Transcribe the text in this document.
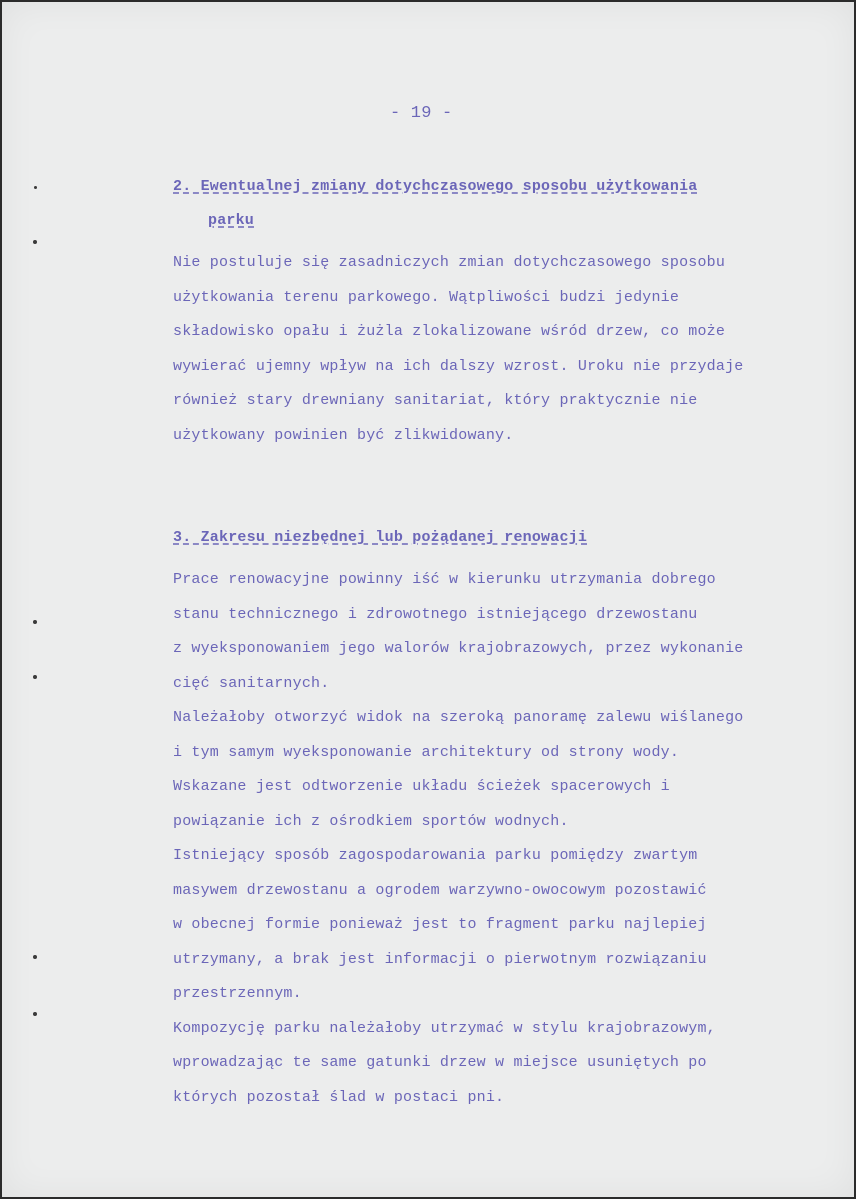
- 19 -
2. Ewentualnej zmiany dotychczasowego sposobu użytkowania
parku
Nie postuluje się zasadniczych zmian dotychczasowego sposobu
użytkowania terenu parkowego. Wątpliwości budzi jedynie
składowisko opału i żużla zlokalizowane wśród drzew, co może
wywierać ujemny wpływ na ich dalszy wzrost. Uroku nie przydaje
również stary drewniany sanitariat, który praktycznie nie
użytkowany powinien być zlikwidowany.
3. Zakresu niezbędnej lub pożądanej renowacji
Prace renowacyjne powinny iść w kierunku utrzymania dobrego
stanu technicznego i zdrowotnego istniejącego drzewostanu
z wyeksponowaniem jego walorów krajobrazowych, przez wykonanie
cięć sanitarnych.
Należałoby otworzyć widok na szeroką panoramę zalewu wiślanego
i tym samym wyeksponowanie architektury od strony wody.
Wskazane jest odtworzenie układu ścieżek spacerowych i
powiązanie ich z ośrodkiem sportów wodnych.
Istniejący sposób zagospodarowania parku pomiędzy zwartym
masywem drzewostanu a ogrodem warzywno-owocowym pozostawić
w obecnej formie ponieważ jest to fragment parku najlepiej
utrzymany, a brak jest informacji o pierwotnym rozwiązaniu
przestrzennym.
Kompozycję parku należałoby utrzymać w stylu krajobrazowym,
wprowadzając te same gatunki drzew w miejsce usuniętych po
których pozostał ślad w postaci pni.
